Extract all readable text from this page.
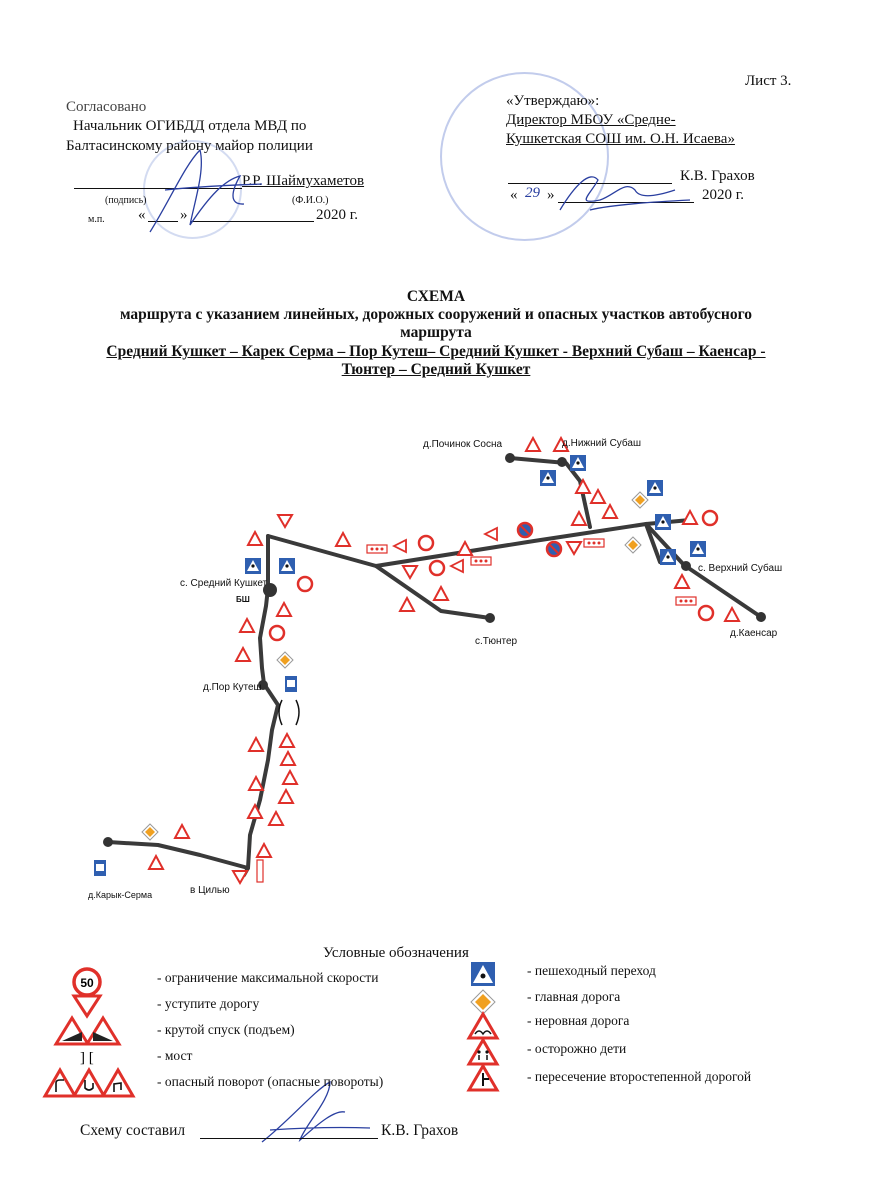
Лист 3.
Согласовано
Начальник ОГИБДД отдела МВД по
Балтасинскому району майор полиции
Р.Р. Шаймухаметов
(подпись)	(Ф.И.О.)
м.п. « »	2020 г.
«Утверждаю»:
Директор МБОУ «Средне-
Кушкетская СОШ им. О.Н. Исаева»
К.В. Грахов
« 29 »	2020 г.
СХЕМА
маршрута с указанием линейных, дорожных сооружений и опасных участков автобусного
маршрута
Средний Кушкет – Карек Серма – Пор Кутеш– Средний Кушкет - Верхний Субаш – Каенсар -
Тюнтер – Средний Кушкет
д.Починок Сосна	д.Нижний Субаш
с. Средний Кушкет
БШ
с.Тюнтер
с. Верхний Субаш
д.Каенсар
д.Пор Кутеш
д.Карык-Серма	в Цилью
Условные обозначения
50
] [
- ограничение максимальной скорости
- уступите дорогу
- крутой спуск (подъем)
- мост
- опасный поворот (опасные повороты)
- пешеходный переход
- главная дорога
- неровная дорога
- осторожно дети
- пересечение второстепенной дорогой
Схему составил	К.В. Грахов
